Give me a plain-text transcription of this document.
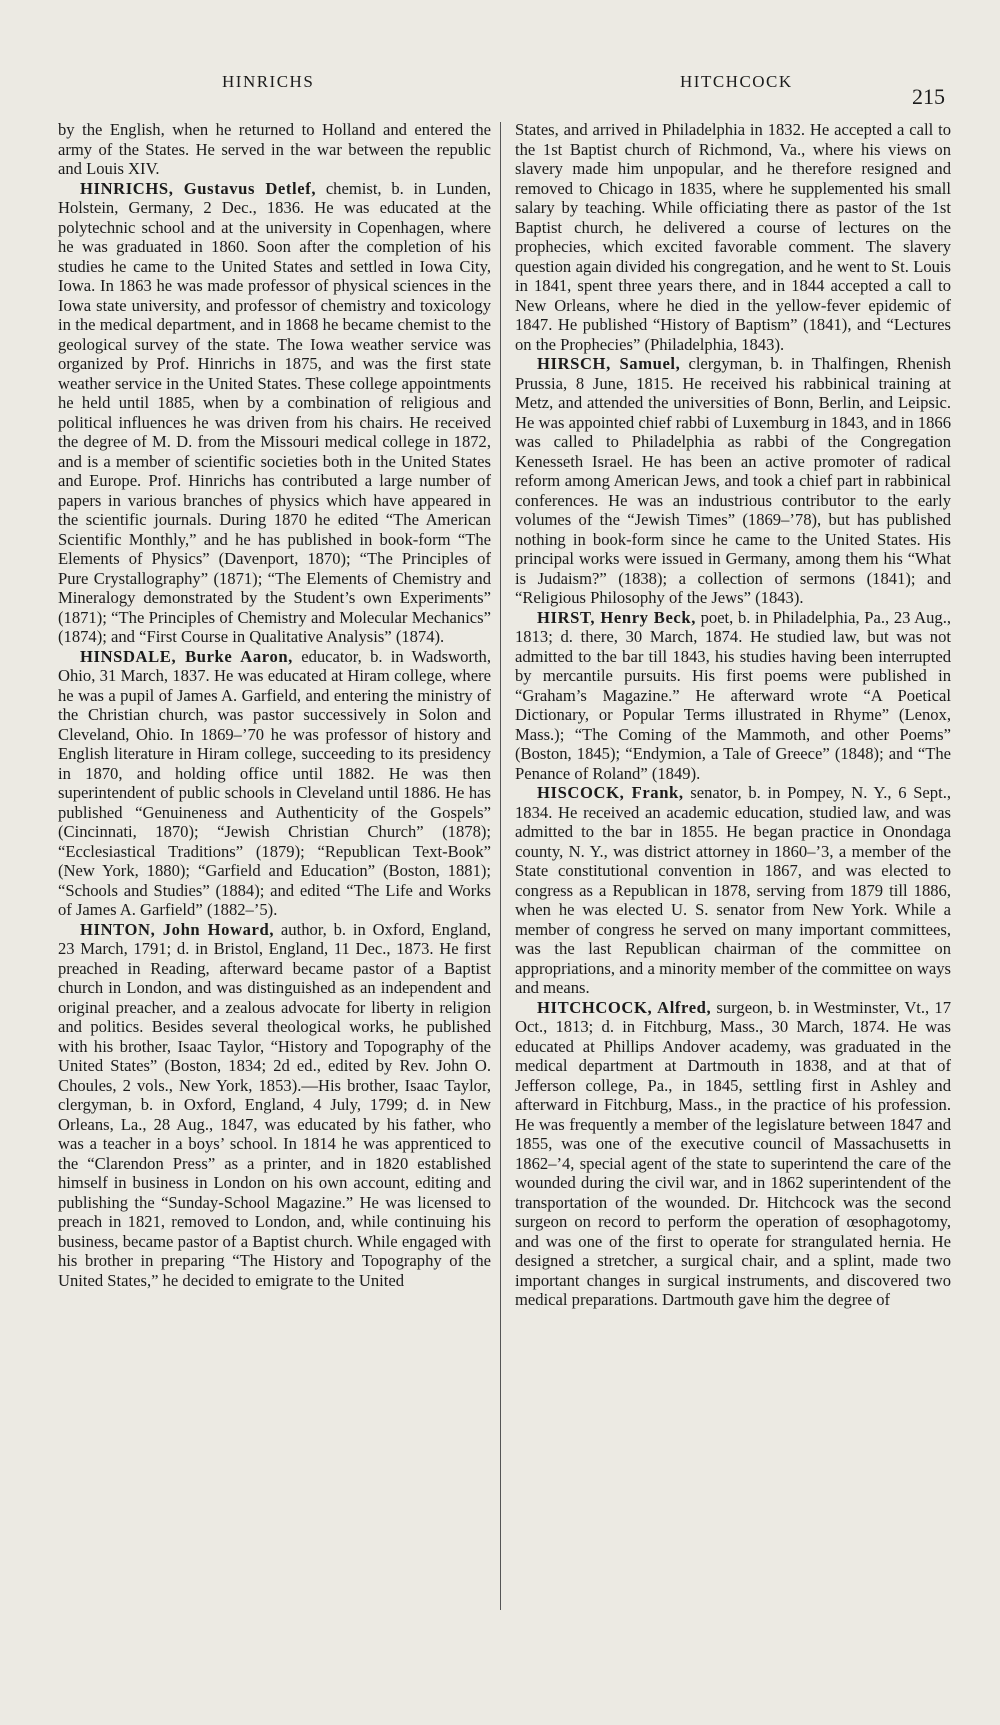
HINRICHS	HITCHCOCK
215

by the English, when he returned to Holland and entered the army of the States. He served in the war between the republic and Louis XIV.

HINRICHS, Gustavus Detlef, chemist, b. in Lunden, Holstein, Germany, 2 Dec., 1836. He was educated at the polytechnic school and at the university in Copenhagen, where he was graduated in 1860. Soon after the completion of his studies he came to the United States and settled in Iowa City, Iowa. In 1863 he was made professor of physical sciences in the Iowa state university, and professor of chemistry and toxicology in the medical department, and in 1868 he became chemist to the geological survey of the state. The Iowa weather service was organized by Prof. Hinrichs in 1875, and was the first state weather service in the United States. These college appointments he held until 1885, when by a combination of religious and political influences he was driven from his chairs. He received the degree of M. D. from the Missouri medical college in 1872, and is a member of scientific societies both in the United States and Europe. Prof. Hinrichs has contributed a large number of papers in various branches of physics which have appeared in the scientific journals. During 1870 he edited “The American Scientific Monthly,” and he has published in book-form “The Elements of Physics” (Davenport, 1870); “The Principles of Pure Crystallography” (1871); “The Elements of Chemistry and Mineralogy demonstrated by the Student’s own Experiments” (1871); “The Principles of Chemistry and Molecular Mechanics” (1874); and “First Course in Qualitative Analysis” (1874).

HINSDALE, Burke Aaron, educator, b. in Wadsworth, Ohio, 31 March, 1837. He was educated at Hiram college, where he was a pupil of James A. Garfield, and entering the ministry of the Christian church, was pastor successively in Solon and Cleveland, Ohio. In 1869–’70 he was professor of history and English literature in Hiram college, succeeding to its presidency in 1870, and holding office until 1882. He was then superintendent of public schools in Cleveland until 1886. He has published “Genuineness and Authenticity of the Gospels” (Cincinnati, 1870); “Jewish Christian Church” (1878); “Ecclesiastical Traditions” (1879); “Republican Text-Book” (New York, 1880); “Garfield and Education” (Boston, 1881); “Schools and Studies” (1884); and edited “The Life and Works of James A. Garfield” (1882–’5).

HINTON, John Howard, author, b. in Oxford, England, 23 March, 1791; d. in Bristol, England, 11 Dec., 1873. He first preached in Reading, afterward became pastor of a Baptist church in London, and was distinguished as an independent and original preacher, and a zealous advocate for liberty in religion and politics. Besides several theological works, he published with his brother, Isaac Taylor, “History and Topography of the United States” (Boston, 1834; 2d ed., edited by Rev. John O. Choules, 2 vols., New York, 1853).—His brother, Isaac Taylor, clergyman, b. in Oxford, England, 4 July, 1799; d. in New Orleans, La., 28 Aug., 1847, was educated by his father, who was a teacher in a boys’ school. In 1814 he was apprenticed to the “Clarendon Press” as a printer, and in 1820 established himself in business in London on his own account, editing and publishing the “Sunday-School Magazine.” He was licensed to preach in 1821, removed to London, and, while continuing his business, became pastor of a Baptist church. While engaged with his brother in preparing “The History and Topography of the United States,” he decided to emigrate to the United

States, and arrived in Philadelphia in 1832. He accepted a call to the 1st Baptist church of Richmond, Va., where his views on slavery made him unpopular, and he therefore resigned and removed to Chicago in 1835, where he supplemented his small salary by teaching. While officiating there as pastor of the 1st Baptist church, he delivered a course of lectures on the prophecies, which excited favorable comment. The slavery question again divided his congregation, and he went to St. Louis in 1841, spent three years there, and in 1844 accepted a call to New Orleans, where he died in the yellow-fever epidemic of 1847. He published “History of Baptism” (1841), and “Lectures on the Prophecies” (Philadelphia, 1843).

HIRSCH, Samuel, clergyman, b. in Thalfingen, Rhenish Prussia, 8 June, 1815. He received his rabbinical training at Metz, and attended the universities of Bonn, Berlin, and Leipsic. He was appointed chief rabbi of Luxemburg in 1843, and in 1866 was called to Philadelphia as rabbi of the Congregation Kenesseth Israel. He has been an active promoter of radical reform among American Jews, and took a chief part in rabbinical conferences. He was an industrious contributor to the early volumes of the “Jewish Times” (1869–’78), but has published nothing in book-form since he came to the United States. His principal works were issued in Germany, among them his “What is Judaism?” (1838); a collection of sermons (1841); and “Religious Philosophy of the Jews” (1843).

HIRST, Henry Beck, poet, b. in Philadelphia, Pa., 23 Aug., 1813; d. there, 30 March, 1874. He studied law, but was not admitted to the bar till 1843, his studies having been interrupted by mercantile pursuits. His first poems were published in “Graham’s Magazine.” He afterward wrote “A Poetical Dictionary, or Popular Terms illustrated in Rhyme” (Lenox, Mass.); “The Coming of the Mammoth, and other Poems” (Boston, 1845); “Endymion, a Tale of Greece” (1848); and “The Penance of Roland” (1849).

HISCOCK, Frank, senator, b. in Pompey, N. Y., 6 Sept., 1834. He received an academic education, studied law, and was admitted to the bar in 1855. He began practice in Onondaga county, N. Y., was district attorney in 1860–’3, a member of the State constitutional convention in 1867, and was elected to congress as a Republican in 1878, serving from 1879 till 1886, when he was elected U. S. senator from New York. While a member of congress he served on many important committees, was the last Republican chairman of the committee on appropriations, and a minority member of the committee on ways and means.

HITCHCOCK, Alfred, surgeon, b. in Westminster, Vt., 17 Oct., 1813; d. in Fitchburg, Mass., 30 March, 1874. He was educated at Phillips Andover academy, was graduated in the medical department at Dartmouth in 1838, and at that of Jefferson college, Pa., in 1845, settling first in Ashley and afterward in Fitchburg, Mass., in the practice of his profession. He was frequently a member of the legislature between 1847 and 1855, was one of the executive council of Massachusetts in 1862–’4, special agent of the state to superintend the care of the wounded during the civil war, and in 1862 superintendent of the transportation of the wounded. Dr. Hitchcock was the second surgeon on record to perform the operation of œsophagotomy, and was one of the first to operate for strangulated hernia. He designed a stretcher, a surgical chair, and a splint, made two important changes in surgical instruments, and discovered two medical preparations. Dartmouth gave him the degree of
